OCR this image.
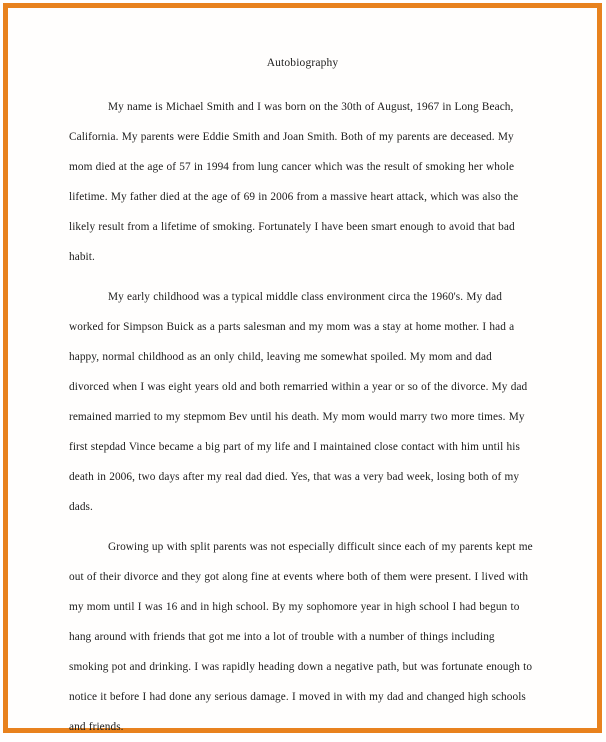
Autobiography

My name is Michael Smith and I was born on the 30th of August, 1967 in Long Beach, California. My parents were Eddie Smith and Joan Smith. Both of my parents are deceased. My mom died at the age of 57 in 1994 from lung cancer which was the result of smoking her whole lifetime. My father died at the age of 69 in 2006 from a massive heart attack, which was also the likely result from a lifetime of smoking. Fortunately I have been smart enough to avoid that bad habit.

My early childhood was a typical middle class environment circa the 1960's. My dad worked for Simpson Buick as a parts salesman and my mom was a stay at home mother. I had a happy, normal childhood as an only child, leaving me somewhat spoiled. My mom and dad divorced when I was eight years old and both remarried within a year or so of the divorce. My dad remained married to my stepmom Bev until his death. My mom would marry two more times. My first stepdad Vince became a big part of my life and I maintained close contact with him until his death in 2006, two days after my real dad died. Yes, that was a very bad week, losing both of my dads.

Growing up with split parents was not especially difficult since each of my parents kept me out of their divorce and they got along fine at events where both of them were present. I lived with my mom until I was 16 and in high school. By my sophomore year in high school I had begun to hang around with friends that got me into a lot of trouble with a number of things including smoking pot and drinking. I was rapidly heading down a negative path, but was fortunate enough to notice it before I had done any serious damage. I moved in with my dad and changed high schools and friends.
